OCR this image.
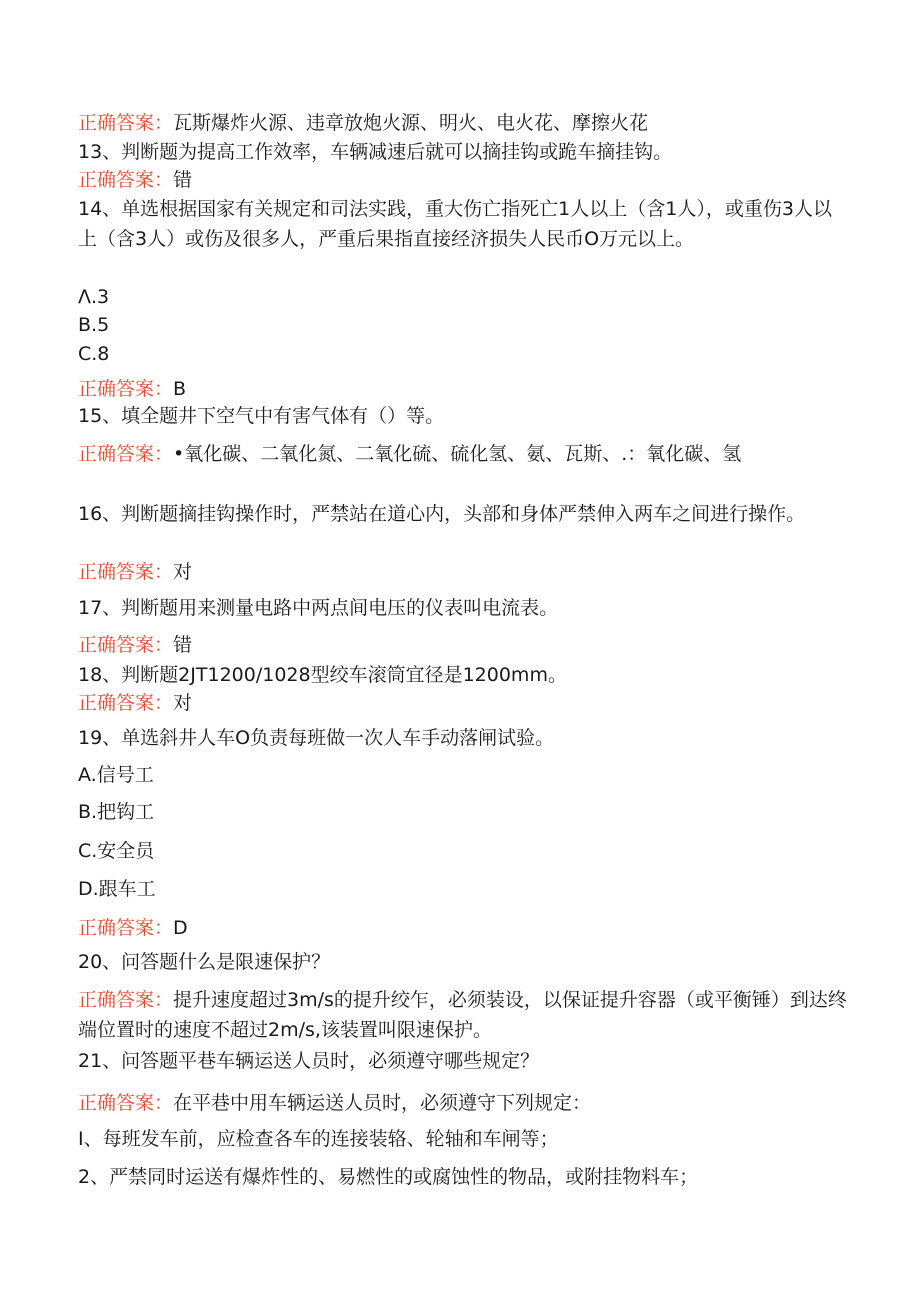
正确答案：瓦斯爆炸火源、违章放炮火源、明火、电火花、摩擦火花
13、判断题为提高工作效率，车辆减速后就可以摘挂钩或跪车摘挂钩。
正确答案：错
14、单选根据国家有关规定和司法实践，重大伤亡指死亡1人以上（含1人），或重伤3人以上（含3人）或伤及很多人，严重后果指直接经济损失人民币O万元以上。
Λ.3
B.5
C.8
正确答案：B
15、填全题井下空气中有害气体有（）等。
正确答案：•氧化碳、二氧化氮、二氧化硫、硫化氢、氨、瓦斯、.：氧化碳、氢
16、判断题摘挂钩操作时，严禁站在道心内，头部和身体严禁伸入两车之间进行操作。
正确答案：对
17、判断题用来测量电路中两点间电压的仪表叫电流表。
正确答案：错
18、判断题2JT1200/1028型绞车滚筒宜径是1200mm。
正确答案：对
19、单选斜井人车O负责每班做一次人车手动落闸试验。
A.信号工
B.把钩工
C.安全员
D.跟车工
正确答案：D
20、问答题什么是限速保护？
正确答案：提升速度超过3m∕s的提升绞乍，必须装设，以保证提升容器（或平衡锤）到达终端位置时的速度不超过2m∕s,该装置叫限速保护。
21、问答题平巷车辆运送人员时，必须遵守哪些规定？
正确答案：在平巷中用车辆运送人员时，必须遵守下列规定：
I、每班发车前，应检查各车的连接装辂、轮轴和车闸等；
2、严禁同时运送有爆炸性的、易燃性的或腐蚀性的物品，或附挂物料车；
